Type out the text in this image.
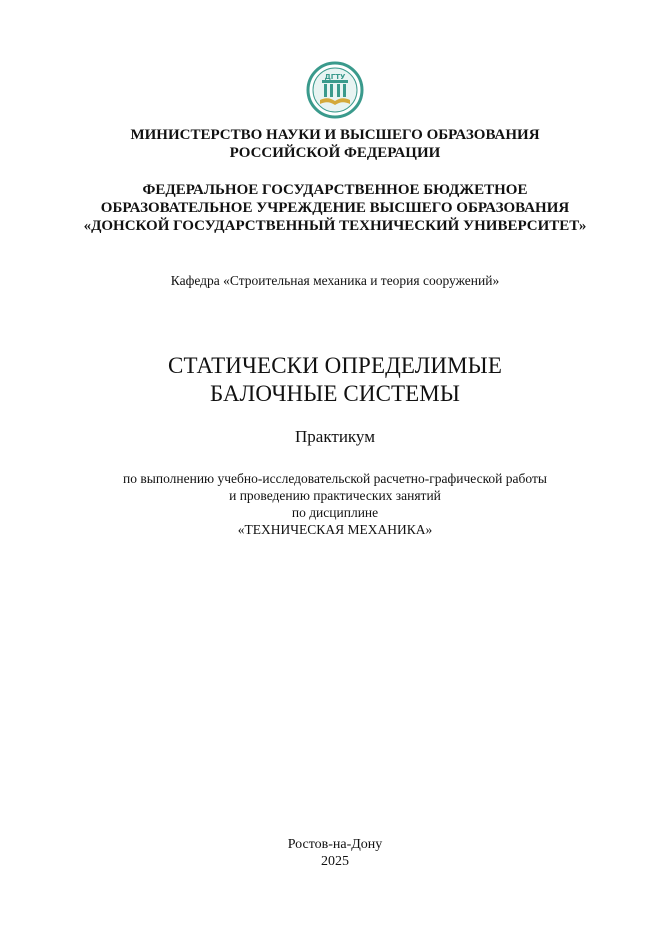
ДГТУ
МИНИСТЕРСТВО НАУКИ И ВЫСШЕГО ОБРАЗОВАНИЯ
РОССИЙСКОЙ ФЕДЕРАЦИИ
ФЕДЕРАЛЬНОЕ ГОСУДАРСТВЕННОЕ БЮДЖЕТНОЕ
ОБРАЗОВАТЕЛЬНОЕ УЧРЕЖДЕНИЕ ВЫСШЕГО ОБРАЗОВАНИЯ
«ДОНСКОЙ ГОСУДАРСТВЕННЫЙ ТЕХНИЧЕСКИЙ УНИВЕРСИТЕТ»
Кафедра «Строительная механика и теория сооружений»
СТАТИЧЕСКИ ОПРЕДЕЛИМЫЕ
БАЛОЧНЫЕ СИСТЕМЫ
Практикум
по выполнению учебно-исследовательской расчетно-графической работы
и проведению практических занятий
по дисциплине
«ТЕХНИЧЕСКАЯ МЕХАНИКА»
Ростов-на-Дону
2025
